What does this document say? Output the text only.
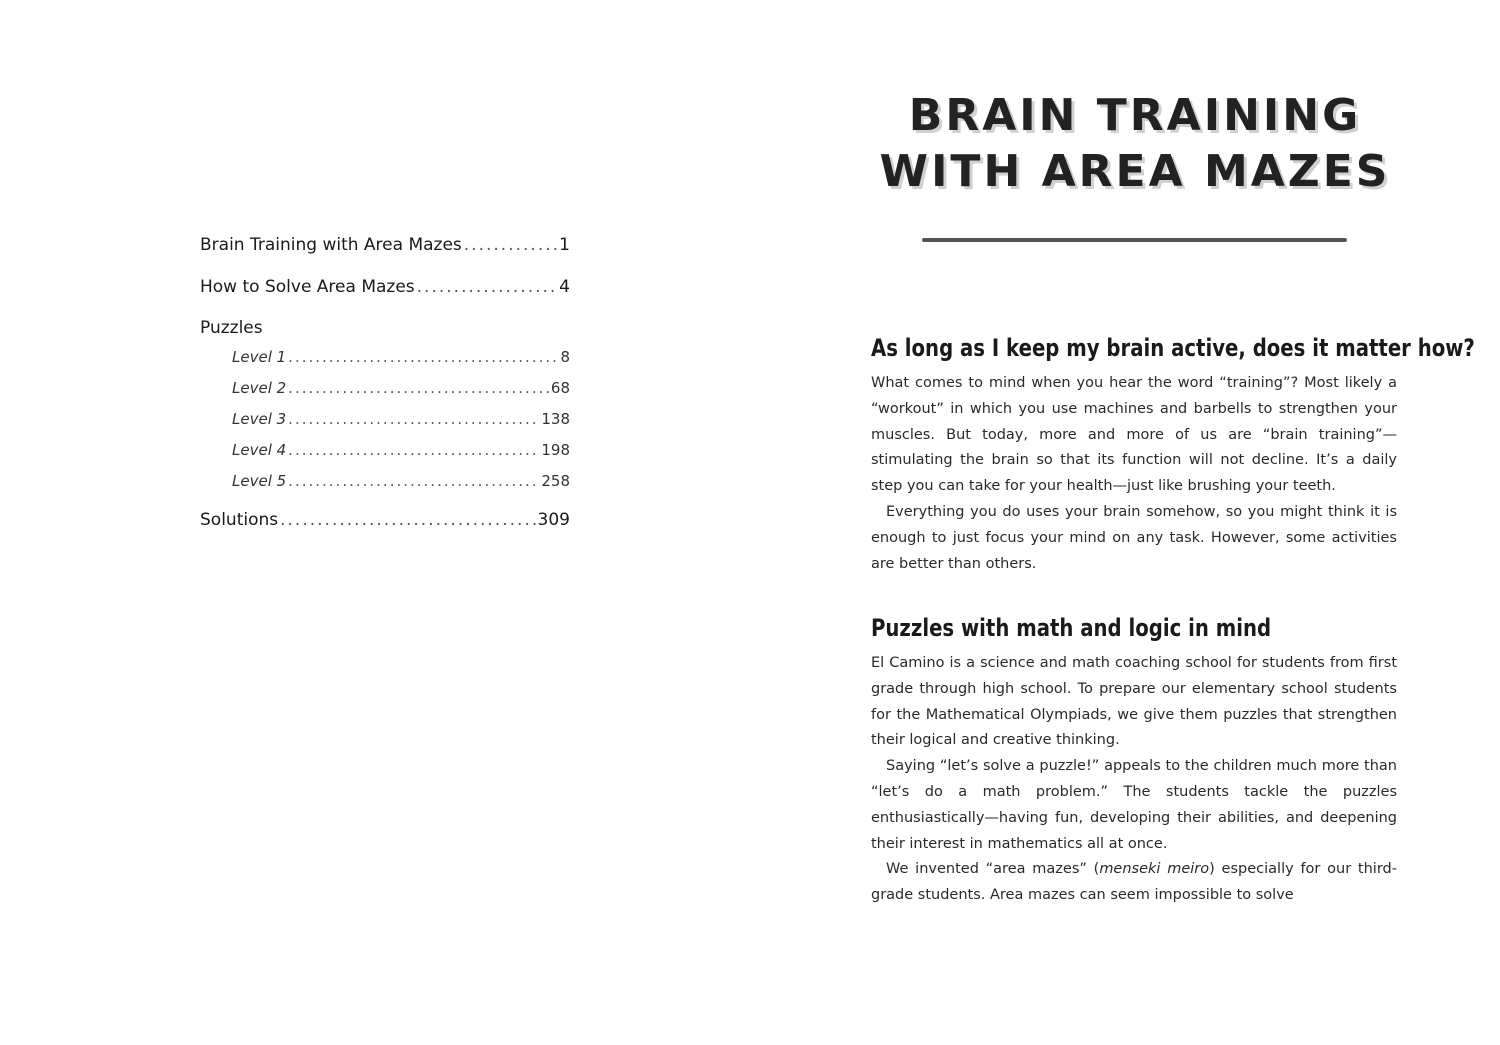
Brain Training with Area Mazes .....	1
How to Solve Area Mazes .....	4
Puzzles
Level 1 .....	8
Level 2 .....	68
Level 3 .....	138
Level 4 .....	198
Level 5 .....	258
Solutions .....	309
BRAIN TRAINING
WITH AREA MAZES
As long as I keep my brain active, does it matter how?

What comes to mind when you hear the word “training”? Most likely a “workout” in which you use machines and barbells to strengthen your muscles. But today, more and more of us are “brain training”—stimulating the brain so that its function will not decline. It’s a daily step you can take for your health—just like brushing your teeth.

Everything you do uses your brain somehow, so you might think it is enough to just focus your mind on any task. However, some activities are better than others.

Puzzles with math and logic in mind

El Camino is a science and math coaching school for students from first grade through high school. To prepare our elementary school students for the Mathematical Olympiads, we give them puzzles that strengthen their logical and creative thinking.

Saying “let’s solve a puzzle!” appeals to the children much more than “let’s do a math problem.” The students tackle the puzzles enthusiastically—having fun, developing their abilities, and deepening their interest in mathematics all at once.

We invented “area mazes” (menseki meiro) especially for our third-grade students. Area mazes can seem impossible to solve
